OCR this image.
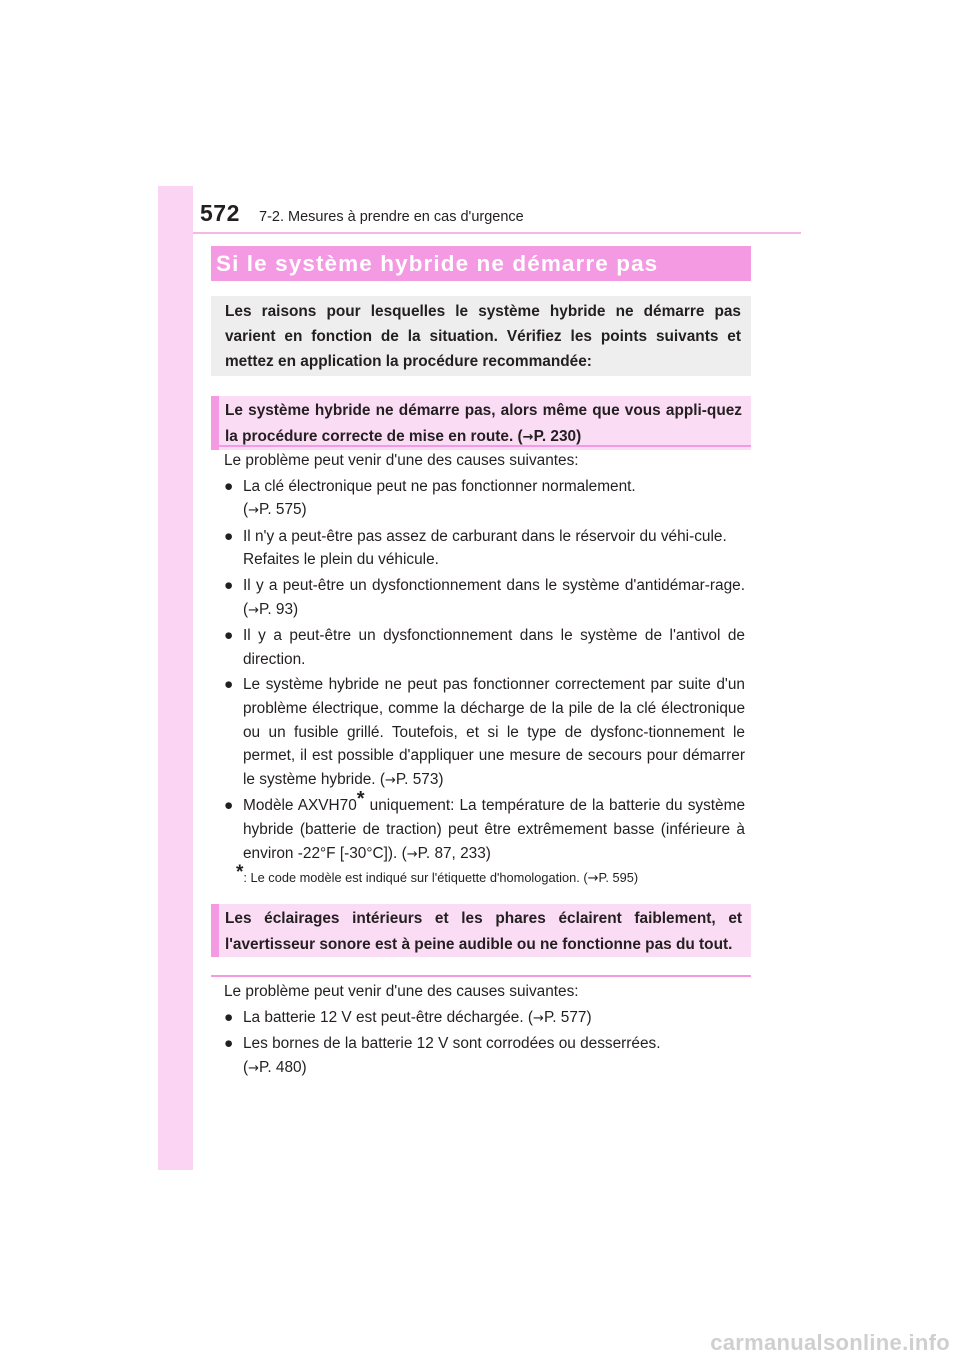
572 7-2. Mesures à prendre en cas d'urgence
Si le système hybride ne démarre pas
Les raisons pour lesquelles le système hybride ne démarre pas varient en fonction de la situation. Vérifiez les points suivants et mettez en application la procédure recommandée:
Le système hybride ne démarre pas, alors même que vous appli-quez la procédure correcte de mise en route. (→P. 230)

Le problème peut venir d'une des causes suivantes:

● La clé électronique peut ne pas fonctionner normalement.
(→P. 575)
● Il n'y a peut-être pas assez de carburant dans le réservoir du véhi-cule.
Refaites le plein du véhicule.
● Il y a peut-être un dysfonctionnement dans le système d'antidémar-rage. (→P. 93)
● Il y a peut-être un dysfonctionnement dans le système de l'antivol de direction.
● Le système hybride ne peut pas fonctionner correctement par suite d'un problème électrique, comme la décharge de la pile de la clé électronique ou un fusible grillé. Toutefois, et si le type de dysfonc-tionnement le permet, il est possible d'appliquer une mesure de secours pour démarrer le système hybride. (→P. 573)
● Modèle AXVH70* uniquement: La température de la batterie du système hybride (batterie de traction) peut être extrêmement basse (inférieure à environ -22°F [-30°C]). (→P. 87, 233)
*: Le code modèle est indiqué sur l'étiquette d'homologation. (→P. 595)
Les éclairages intérieurs et les phares éclairent faiblement, et l'avertisseur sonore est à peine audible ou ne fonctionne pas du tout.

Le problème peut venir d'une des causes suivantes:

● La batterie 12 V est peut-être déchargée. (→P. 577)
● Les bornes de la batterie 12 V sont corrodées ou desserrées.
(→P. 480)
carmanualsonline.info
